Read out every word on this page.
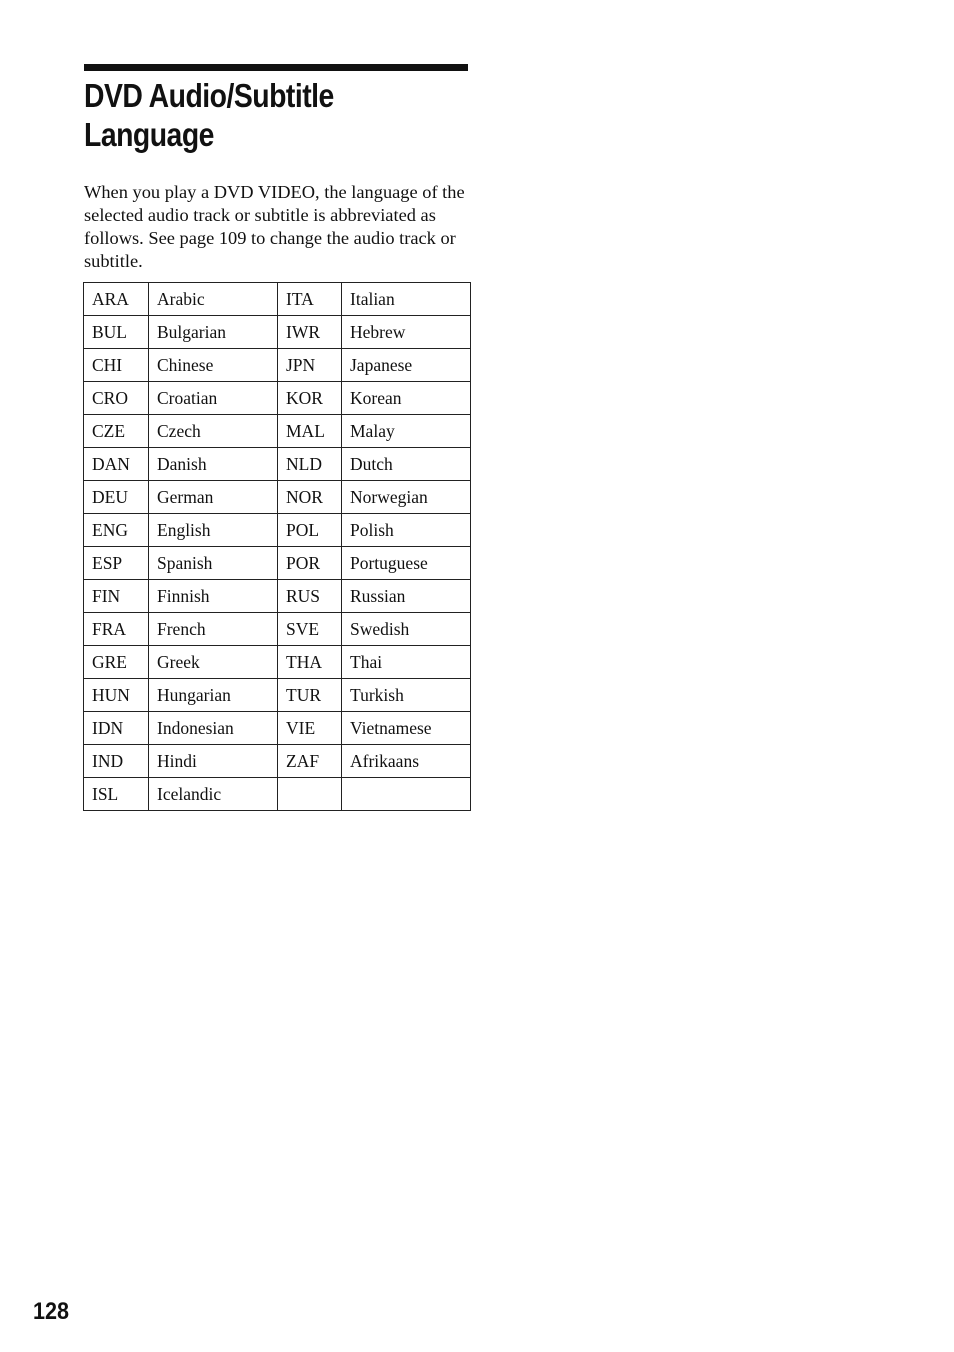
DVD Audio/Subtitle
Language

When you play a DVD VIDEO, the language of the selected audio track or subtitle is abbreviated as follows. See page 109 to change the audio track or subtitle.

ARA	Arabic	ITA	Italian
BUL	Bulgarian	IWR	Hebrew
CHI	Chinese	JPN	Japanese
CRO	Croatian	KOR	Korean
CZE	Czech	MAL	Malay
DAN	Danish	NLD	Dutch
DEU	German	NOR	Norwegian
ENG	English	POL	Polish
ESP	Spanish	POR	Portuguese
FIN	Finnish	RUS	Russian
FRA	French	SVE	Swedish
GRE	Greek	THA	Thai
HUN	Hungarian	TUR	Turkish
IDN	Indonesian	VIE	Vietnamese
IND	Hindi	ZAF	Afrikaans
ISL	Icelandic		
128
